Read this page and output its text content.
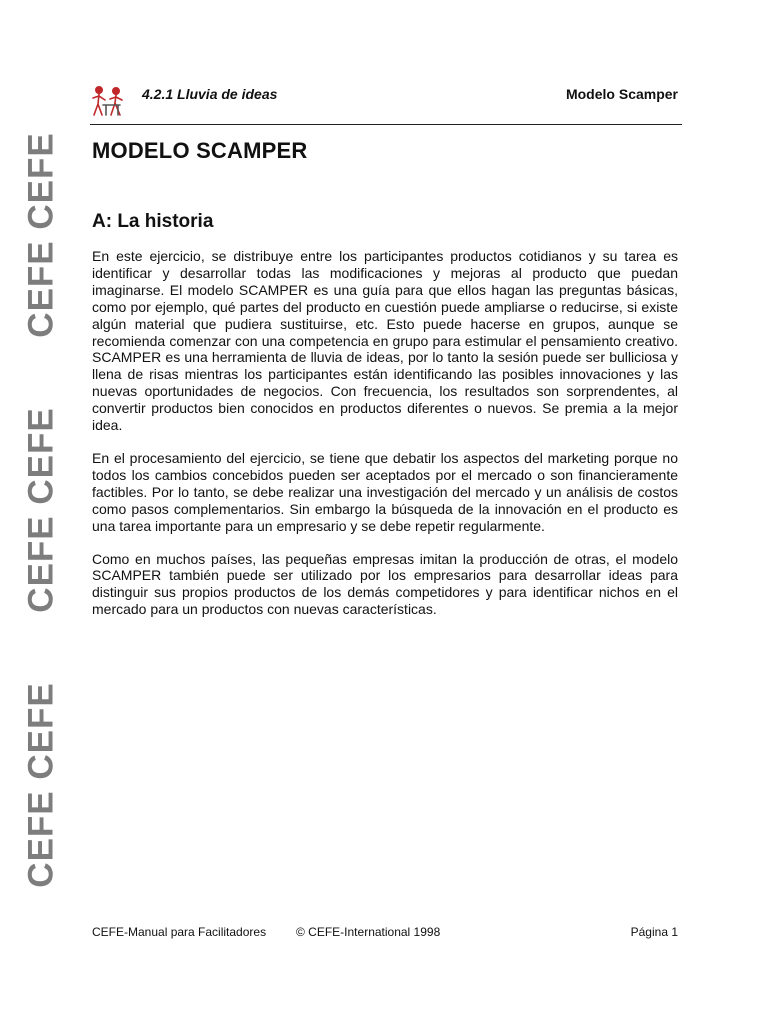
CEFE CEFE
CEFE CEFE
CEFE CEFE
4.2.1 Lluvia de ideas	Modelo Scamper
MODELO SCAMPER
A: La historia

En este ejercicio, se distribuye entre los participantes productos cotidianos y su tarea es identificar y desarrollar todas las modificaciones y mejoras al producto que puedan imaginarse. El modelo SCAMPER es una guía para que ellos hagan las preguntas básicas, como por ejemplo, qué partes del producto en cuestión puede ampliarse o reducirse, si existe algún material que pudiera sustituirse, etc. Esto puede hacerse en grupos, aunque se recomienda comenzar con una competencia en grupo para estimular el pensamiento creativo. SCAMPER es una herramienta de lluvia de ideas, por lo tanto la sesión puede ser bulliciosa y llena de risas mientras los participantes están identificando las posibles innovaciones y las nuevas oportunidades de negocios. Con frecuencia, los resultados son sorprendentes, al convertir productos bien conocidos en productos diferentes o nuevos. Se premia a la mejor idea.

En el procesamiento del ejercicio, se tiene que debatir los aspectos del marketing porque no todos los cambios concebidos pueden ser aceptados por el mercado o son financieramente factibles. Por lo tanto, se debe realizar una investigación del mercado y un análisis de costos como pasos complementarios. Sin embargo la búsqueda de la innovación en el producto es una tarea importante para un empresario y se debe repetir regularmente.

Como en muchos países, las pequeñas empresas imitan la producción de otras, el modelo SCAMPER también puede ser utilizado por los empresarios para desarrollar ideas para distinguir sus propios productos de los demás competidores y para identificar nichos en el mercado para un productos con nuevas características.

CEFE-Manual para Facilitadores © CEFE-International 1998	Página 1
